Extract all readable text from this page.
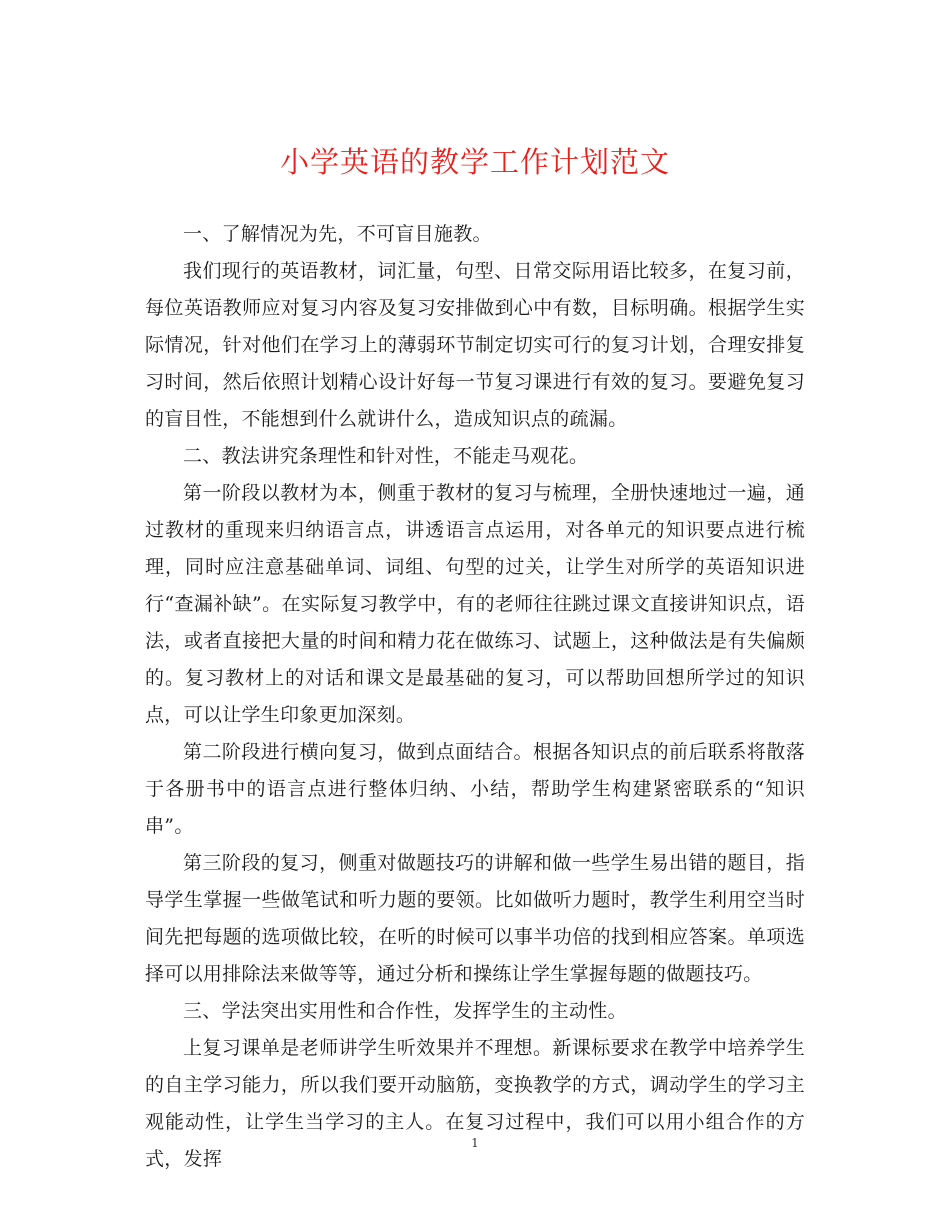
小学英语的教学工作计划范文

一、了解情况为先，不可盲目施教。

我们现行的英语教材，词汇量，句型、日常交际用语比较多，在复习前，每位英语教师应对复习内容及复习安排做到心中有数，目标明确。根据学生实际情况，针对他们在学习上的薄弱环节制定切实可行的复习计划，合理安排复习时间，然后依照计划精心设计好每一节复习课进行有效的复习。要避免复习的盲目性，不能想到什么就讲什么，造成知识点的疏漏。

二、教法讲究条理性和针对性，不能走马观花。

第一阶段以教材为本，侧重于教材的复习与梳理，全册快速地过一遍，通过教材的重现来归纳语言点，讲透语言点运用，对各单元的知识要点进行梳理，同时应注意基础单词、词组、句型的过关，让学生对所学的英语知识进行“查漏补缺”。在实际复习教学中，有的老师往往跳过课文直接讲知识点，语法，或者直接把大量的时间和精力花在做练习、试题上，这种做法是有失偏颇的。复习教材上的对话和课文是最基础的复习，可以帮助回想所学过的知识点，可以让学生印象更加深刻。

第二阶段进行横向复习，做到点面结合。根据各知识点的前后联系将散落于各册书中的语言点进行整体归纳、小结，帮助学生构建紧密联系的“知识串”。

第三阶段的复习，侧重对做题技巧的讲解和做一些学生易出错的题目，指导学生掌握一些做笔试和听力题的要领。比如做听力题时，教学生利用空当时间先把每题的选项做比较，在听的时候可以事半功倍的找到相应答案。单项选择可以用排除法来做等等，通过分析和操练让学生掌握每题的做题技巧。

三、学法突出实用性和合作性，发挥学生的主动性。

上复习课单是老师讲学生听效果并不理想。新课标要求在教学中培养学生的自主学习能力，所以我们要开动脑筋，变换教学的方式，调动学生的学习主观能动性，让学生当学习的主人。在复习过程中，我们可以用小组合作的方式，发挥

1
